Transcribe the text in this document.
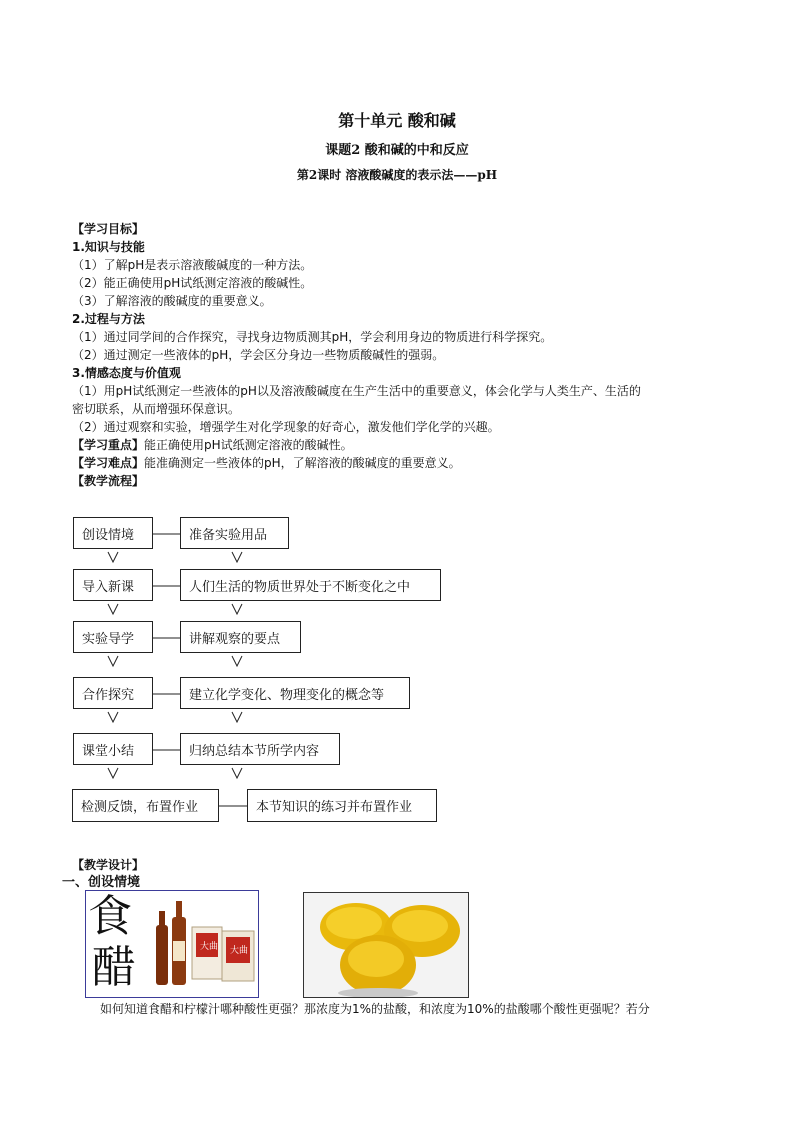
第十单元 酸和碱
课题2 酸和碱的中和反应
第2课时 溶液酸碱度的表示法——pH
【学习目标】
1.知识与技能
（1）了解pH是表示溶液酸碱度的一种方法。
（2）能正确使用pH试纸测定溶液的酸碱性。
（3）了解溶液的酸碱度的重要意义。
2.过程与方法
（1）通过同学间的合作探究，寻找身边物质测其pH，学会利用身边的物质进行科学探究。
（2）通过测定一些液体的pH，学会区分身边一些物质酸碱性的强弱。
3.情感态度与价值观
（1）用pH试纸测定一些液体的pH以及溶液酸碱度在生产生活中的重要意义，体会化学与人类生产、生活的
密切联系，从而增强环保意识。
（2）通过观察和实验，增强学生对化学现象的好奇心，激发他们学化学的兴趣。
【学习重点】能正确使用pH试纸测定溶液的酸碱性。
【学习难点】能准确测定一些液体的pH，了解溶液的酸碱度的重要意义。
【教学流程】
创设情境
导入新课
实验导学
合作探究
课堂小结
检测反馈，布置作业
准备实验用品
人们生活的物质世界处于不断变化之中
讲解观察的要点
建立化学变化、物理变化的概念等
归纳总结本节所学内容
本节知识的练习并布置作业
【教学设计】
一、创设情境
食
醋	大曲 大曲
如何知道食醋和柠檬汁哪种酸性更强？那浓度为1%的盐酸，和浓度为10%的盐酸哪个酸性更强呢？若分
